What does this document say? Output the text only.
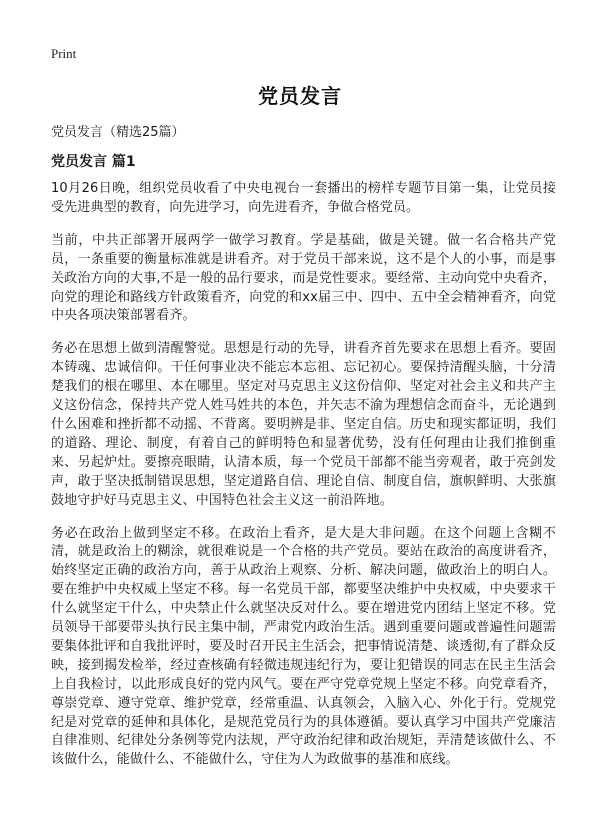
Print
党员发言
党员发言（精选25篇）
党员发言 篇1

10月26日晚，组织党员收看了中央电视台一套播出的榜样专题节目第一集，让党员接受先进典型的教育，向先进学习，向先进看齐，争做合格党员。

当前，中共正部署开展两学一做学习教育。学是基础，做是关键。做一名合格共产党员，一条重要的衡量标准就是讲看齐。对于党员干部来说，这不是个人的小事，而是事关政治方向的大事,不是一般的品行要求，而是党性要求。要经常、主动向党中央看齐，向党的理论和路线方针政策看齐，向党的和xx届三中、四中、五中全会精神看齐，向党中央各项决策部署看齐。

务必在思想上做到清醒警觉。思想是行动的先导，讲看齐首先要求在思想上看齐。要固本铸魂、忠诚信仰。干任何事业决不能忘本忘祖、忘记初心。要保持清醒头脑，十分清楚我们的根在哪里、本在哪里。坚定对马克思主义这份信仰、坚定对社会主义和共产主义这份信念，保持共产党人姓马姓共的本色，并矢志不渝为理想信念而奋斗，无论遇到什么困难和挫折都不动摇、不背离。要明辨是非、坚定自信。历史和现实都证明，我们的道路、理论、制度，有着自己的鲜明特色和显著优势，没有任何理由让我们推倒重来、另起炉灶。要擦亮眼睛，认清本质，每一个党员干部都不能当旁观者，敢于亮剑发声，敢于坚决抵制错误思想，坚定道路自信、理论自信、制度自信，旗帜鲜明、大张旗鼓地守护好马克思主义、中国特色社会主义这一前沿阵地。

务必在政治上做到坚定不移。在政治上看齐，是大是大非问题。在这个问题上含糊不清，就是政治上的糊涂，就很难说是一个合格的共产党员。要站在政治的高度讲看齐，始终坚定正确的政治方向，善于从政治上观察、分析、解决问题，做政治上的明白人。要在维护中央权威上坚定不移。每一名党员干部，都要坚决维护中央权威，中央要求干什么就坚定干什么，中央禁止什么就坚决反对什么。要在增进党内团结上坚定不移。党员领导干部要带头执行民主集中制，严肃党内政治生活。遇到重要问题或普遍性问题需要集体批评和自我批评时，要及时召开民主生活会，把事情说清楚、谈透彻,有了群众反映，接到揭发检举，经过查核确有轻微违规违纪行为，要让犯错误的同志在民主生活会上自我检讨，以此形成良好的党内风气。要在严守党章党规上坚定不移。向党章看齐，尊崇党章、遵守党章、维护党章，经常重温、认真领会，入脑入心、外化于行。党规党纪是对党章的延伸和具体化，是规范党员行为的具体遵循。要认真学习中国共产党廉洁自律准则、纪律处分条例等党内法规，严守政治纪律和政治规矩，弄清楚该做什么、不该做什么，能做什么、不能做什么，守住为人为政做事的基准和底线。
